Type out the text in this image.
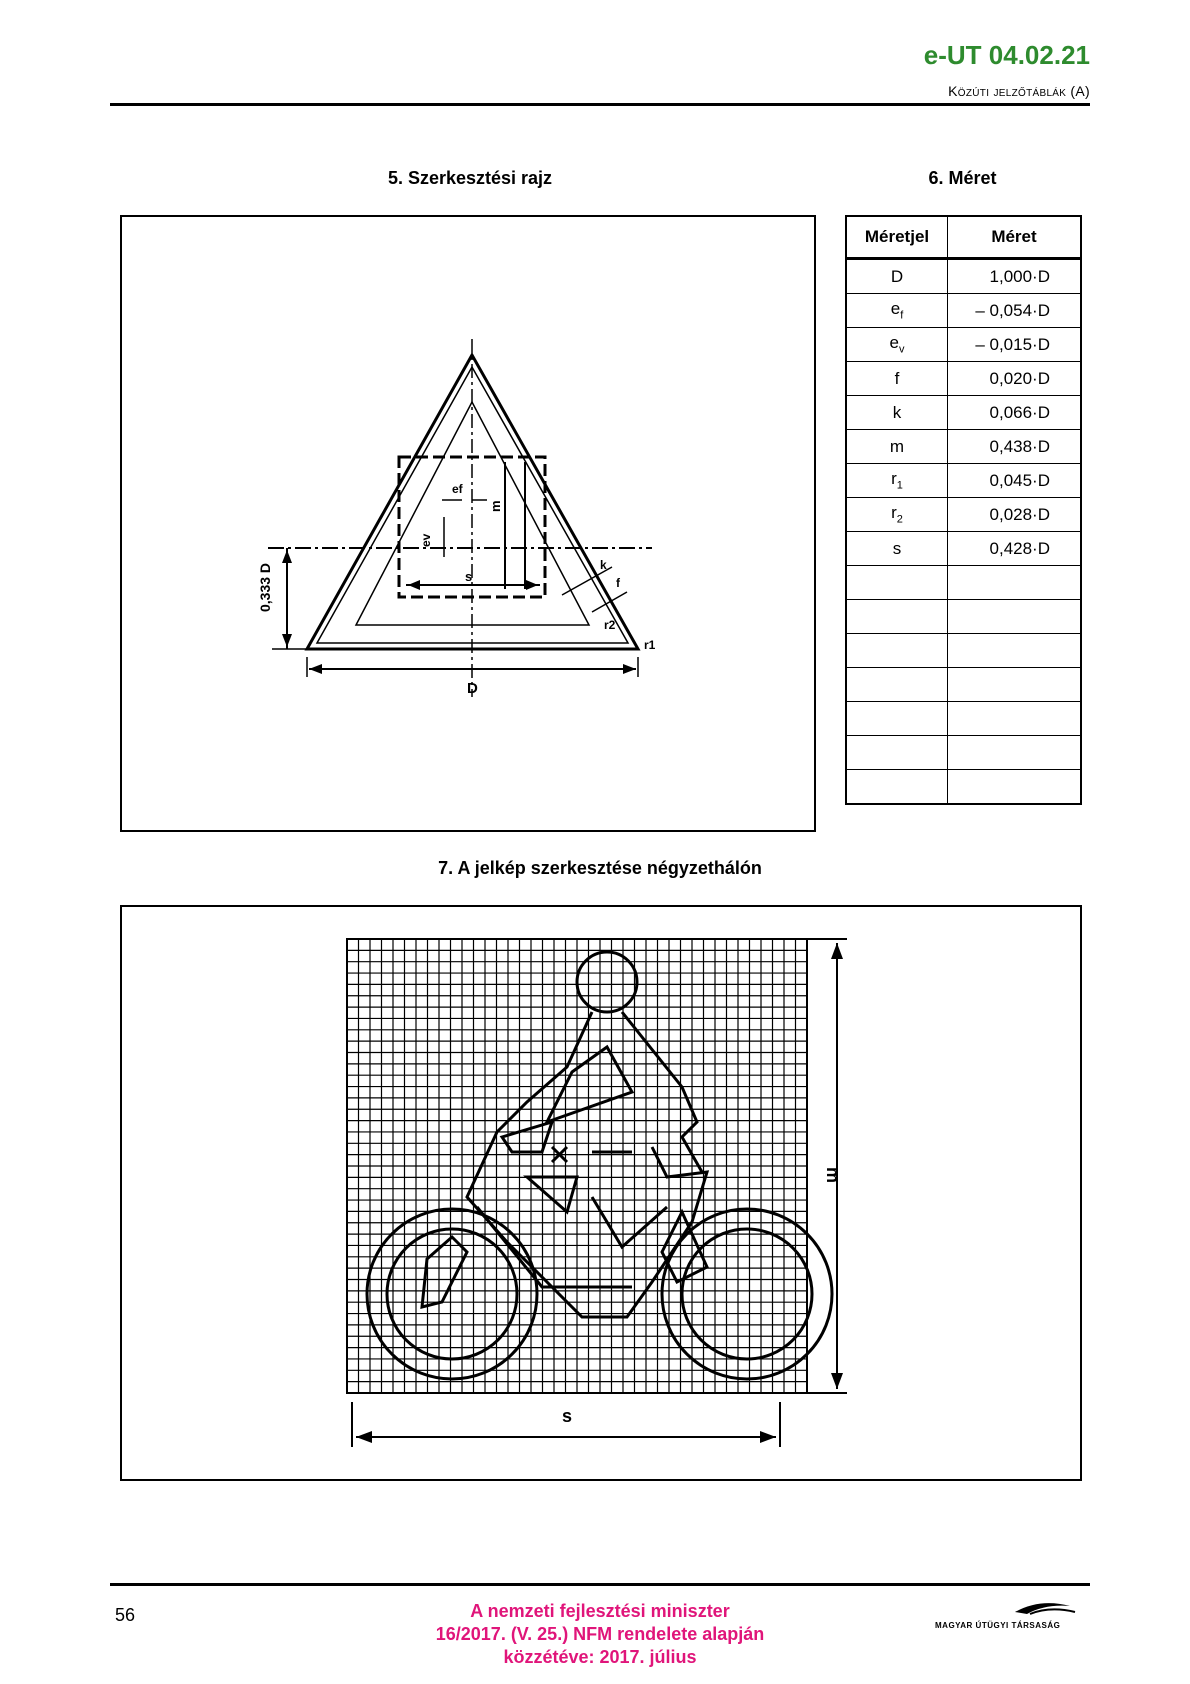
e-UT 04.02.21
Közúti jelzőtáblák (A)
5. Szerkesztési rajz	6. Méret
D
0,333 D	s
m
ef
ev
k
f
r2
r1
Méretjel	Méret
D	1,000·D
$e_f$	– 0,054·D
$e_v$	– 0,015·D
f	0,020·D
k	0,066·D
m	0,438·D
$r_1$	0,045·D
$r_2$	0,028·D
s	0,428·D

7. A jelkép szerkesztése négyzethálón
s
m
56	A nemzeti fejlesztési miniszter
16/2017. (V. 25.) NFM rendelete alapján
közzétéve: 2017. július
MAGYAR ÚTÜGYI TÁRSASÁG
